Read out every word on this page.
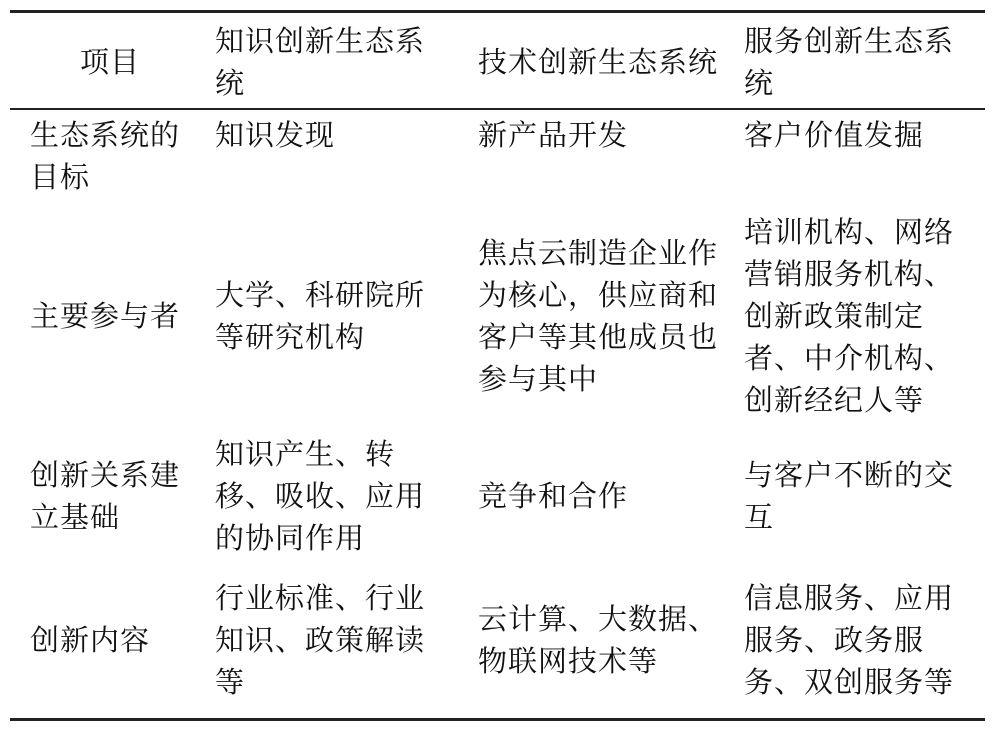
项目
知识创新生态系统
技术创新生态系统
服务创新生态系统
生态系统的目标
知识发现	新产品开发	客户价值发掘
主要参与者
大学、科研院所等研究机构
焦点云制造企业作为核心，供应商和客户等其他成员也参与其中
培训机构、网络营销服务机构、创新政策制定者、中介机构、创新经纪人等
创新关系建立基础
知识产生、转移、吸收、应用的协同作用
竞争和合作
与客户不断的交互
创新内容
行业标准、行业知识、政策解读等
云计算、大数据、物联网技术等
信息服务、应用服务、政务服务、双创服务等
